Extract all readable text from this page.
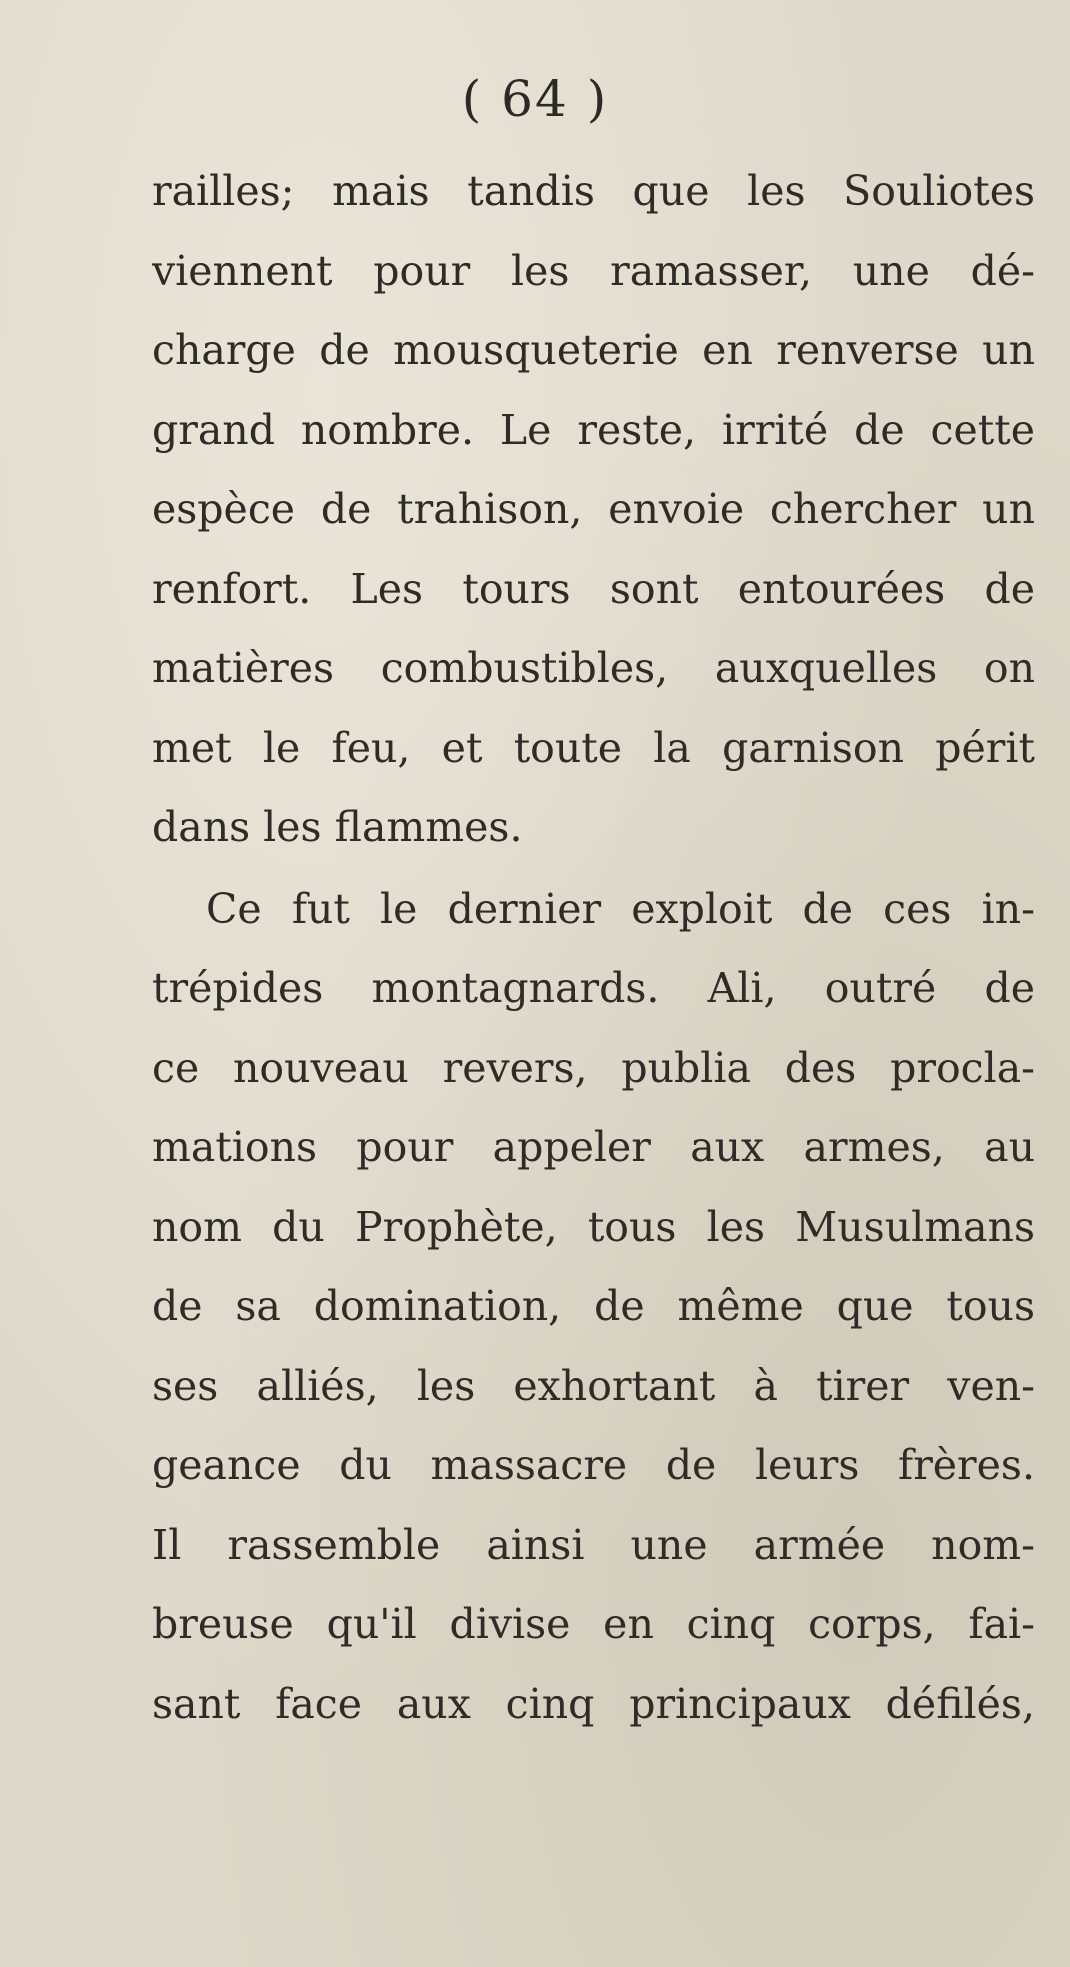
( 64 )
railles; mais tandis que les Souliotes
viennent pour les ramasser, une dé-
charge de mousqueterie en renverse un
grand nombre. Le reste, irrité de cette
espèce de trahison, envoie chercher un
renfort. Les tours sont entourées de
matières combustibles, auxquelles on
met le feu, et toute la garnison périt
dans les flammes.
Ce fut le dernier exploit de ces in-
trépides montagnards. Ali, outré de
ce nouveau revers, publia des procla-
mations pour appeler aux armes, au
nom du Prophète, tous les Musulmans
de sa domination, de même que tous
ses alliés, les exhortant à tirer ven-
geance du massacre de leurs frères.
Il rassemble ainsi une armée nom-
breuse qu'il divise en cinq corps, fai-
sant face aux cinq principaux défilés,
